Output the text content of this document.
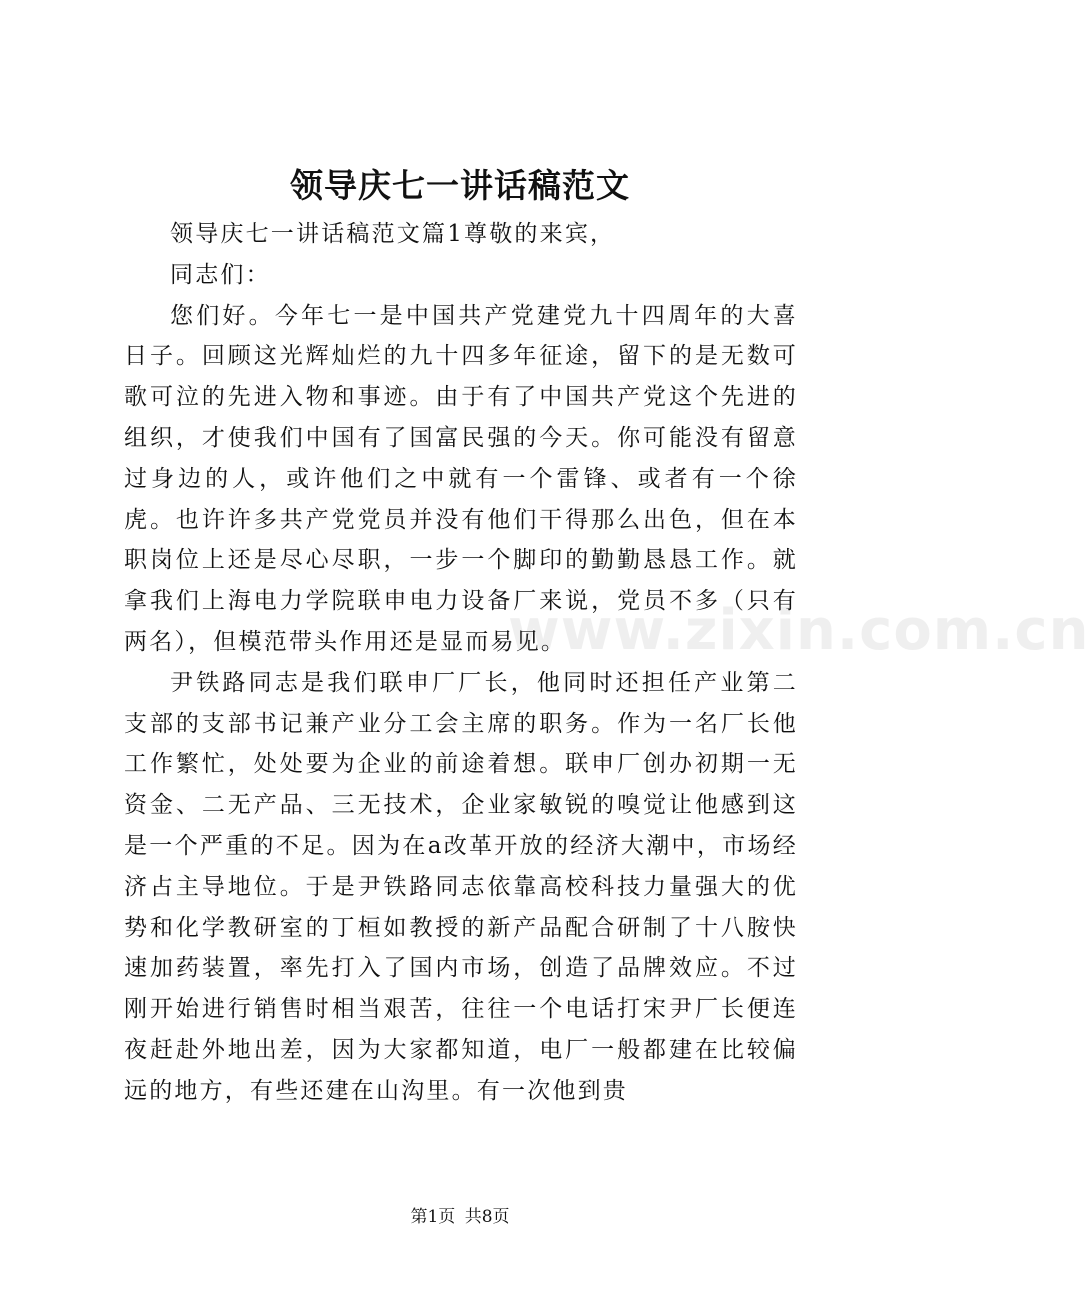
领导庆七一讲话稿范文

领导庆七一讲话稿范文篇1尊敬的来宾，

同志们：

您们好。今年七一是中国共产党建党九十四周年的大喜日子。回顾这光辉灿烂的九十四多年征途，留下的是无数可歌可泣的先进入物和事迹。由于有了中国共产党这个先进的组织，才使我们中国有了国富民强的今天。你可能没有留意过身边的人，或许他们之中就有一个雷锋、或者有一个徐虎。也许许多共产党党员并没有他们干得那么出色，但在本职岗位上还是尽心尽职，一步一个脚印的勤勤恳恳工作。就拿我们上海电力学院联申电力设备厂来说，党员不多（只有两名），但模范带头作用还是显而易见。

尹铁路同志是我们联申厂厂长，他同时还担任产业第二支部的支部书记兼产业分工会主席的职务。作为一名厂长他工作繁忙，处处要为企业的前途着想。联申厂创办初期一无资金、二无产品、三无技术，企业家敏锐的嗅觉让他感到这是一个严重的不足。因为在a改革开放的经济大潮中，市场经济占主导地位。于是尹铁路同志依靠高校科技力量强大的优势和化学教研室的丁桓如教授的新产品配合研制了十八胺快速加药装置，率先打入了国内市场，创造了品牌效应。不过刚开始进行销售时相当艰苦，往往一个电话打宋尹厂长便连夜赶赴外地出差，因为大家都知道，电厂一般都建在比较偏远的地方，有些还建在山沟里。有一次他到贵

www.zixin.com.cn
第1页 共8页
